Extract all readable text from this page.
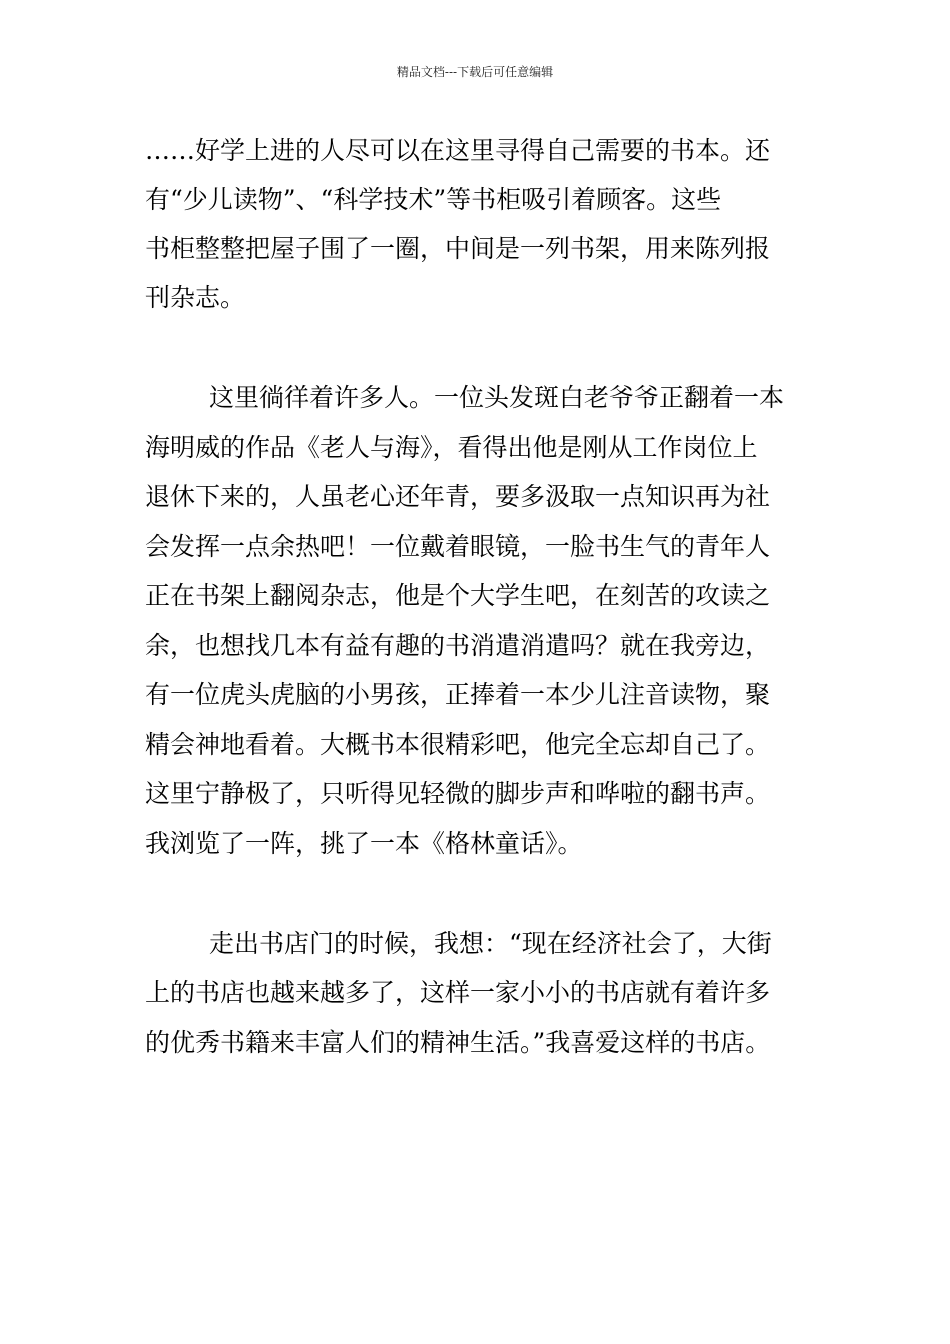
精品文档---下载后可任意编辑
……好学上进的人尽可以在这里寻得自己需要的书本。还
有“少儿读物”、“科学技术”等书柜吸引着顾客。这些
书柜整整把屋子围了一圈，中间是一列书架，用来陈列报
刊杂志。
这里徜徉着许多人。一位头发斑白老爷爷正翻着一本
海明威的作品《老人与海》，看得出他是刚从工作岗位上
退休下来的，人虽老心还年青，要多汲取一点知识再为社
会发挥一点余热吧！一位戴着眼镜，一脸书生气的青年人
正在书架上翻阅杂志，他是个大学生吧，在刻苦的攻读之
余，也想找几本有益有趣的书消遣消遣吗？就在我旁边，
有一位虎头虎脑的小男孩，正捧着一本少儿注音读物，聚
精会神地看着。大概书本很精彩吧，他完全忘却自己了。
这里宁静极了，只听得见轻微的脚步声和哗啦的翻书声。
我浏览了一阵，挑了一本《格林童话》。
走出书店门的时候，我想：“现在经济社会了，大街
上的书店也越来越多了，这样一家小小的书店就有着许多
的优秀书籍来丰富人们的精神生活。”我喜爱这样的书店。
